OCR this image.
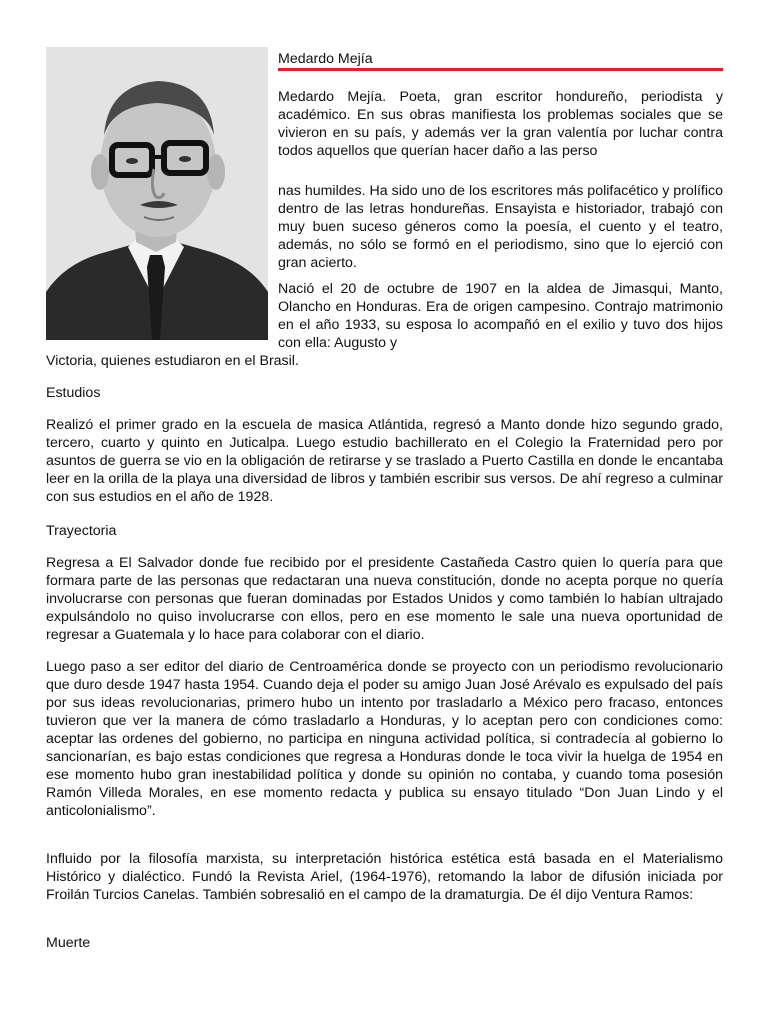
Medardo Mejía

Medardo Mejía. Poeta, gran escritor hondureño, periodista y académico. En sus obras manifiesta los problemas sociales que se vivieron en su país, y además ver la gran valentía por luchar contra todos aquellos que querían hacer daño a las perso

nas humildes. Ha sido uno de los escritores más polifacético y prolífico dentro de las letras hondureñas. Ensayista e historiador, trabajó con muy buen suceso géneros como la poesía, el cuento y el teatro, además, no sólo se formó en el periodismo, sino que lo ejerció con gran acierto.

Nació el 20 de octubre de 1907 en la aldea de Jimasqui, Manto, Olancho en Honduras. Era de origen campesino. Contrajo matrimonio en el año 1933, su esposa lo acompañó en el exilio y tuvo dos hijos con ella: Augusto y

Victoria, quienes estudiaron en el Brasil.

Estudios

Realizó el primer grado en la escuela de masica Atlántida, regresó a Manto donde hizo segundo grado, tercero, cuarto y quinto en Juticalpa. Luego estudio bachillerato en el Colegio la Fraternidad pero por asuntos de guerra se vio en la obligación de retirarse y se traslado a Puerto Castilla en donde le encantaba leer en la orilla de la playa una diversidad de libros y también escribir sus versos. De ahí regreso a culminar con sus estudios en el año de 1928.

Trayectoria

Regresa a El Salvador donde fue recibido por el presidente Castañeda Castro quien lo quería para que formara parte de las personas que redactaran una nueva constitución, donde no acepta porque no quería involucrarse con personas que fueran dominadas por Estados Unidos y como también lo habían ultrajado expulsándolo no quiso involucrarse con ellos, pero en ese momento le sale una nueva oportunidad de regresar a Guatemala y lo hace para colaborar con el diario.

Luego paso a ser editor del diario de Centroamérica donde se proyecto con un periodismo revolucionario que duro desde 1947 hasta 1954. Cuando deja el poder su amigo Juan José Arévalo es expulsado del país por sus ideas revolucionarias, primero hubo un intento por trasladarlo a México pero fracaso, entonces tuvieron que ver la manera de cómo trasladarlo a Honduras, y lo aceptan pero con condiciones como: aceptar las ordenes del gobierno, no participa en ninguna actividad política, si contradecía al gobierno lo sancionarían, es bajo estas condiciones que regresa a Honduras donde le toca vivir la huelga de 1954 en ese momento hubo gran inestabilidad política y donde su opinión no contaba, y cuando toma posesión Ramón Villeda Morales, en ese momento redacta y publica su ensayo titulado “Don Juan Lindo y el anticolonialismo”.

Influido por la filosofía marxista, su interpretación histórica estética está basada en el Materialismo Histórico y dialéctico. Fundó la Revista Ariel, (1964-1976), retomando la labor de difusión iniciada por Froilán Turcios Canelas. También sobresalió en el campo de la dramaturgia. De él dijo Ventura Ramos:

Muerte
